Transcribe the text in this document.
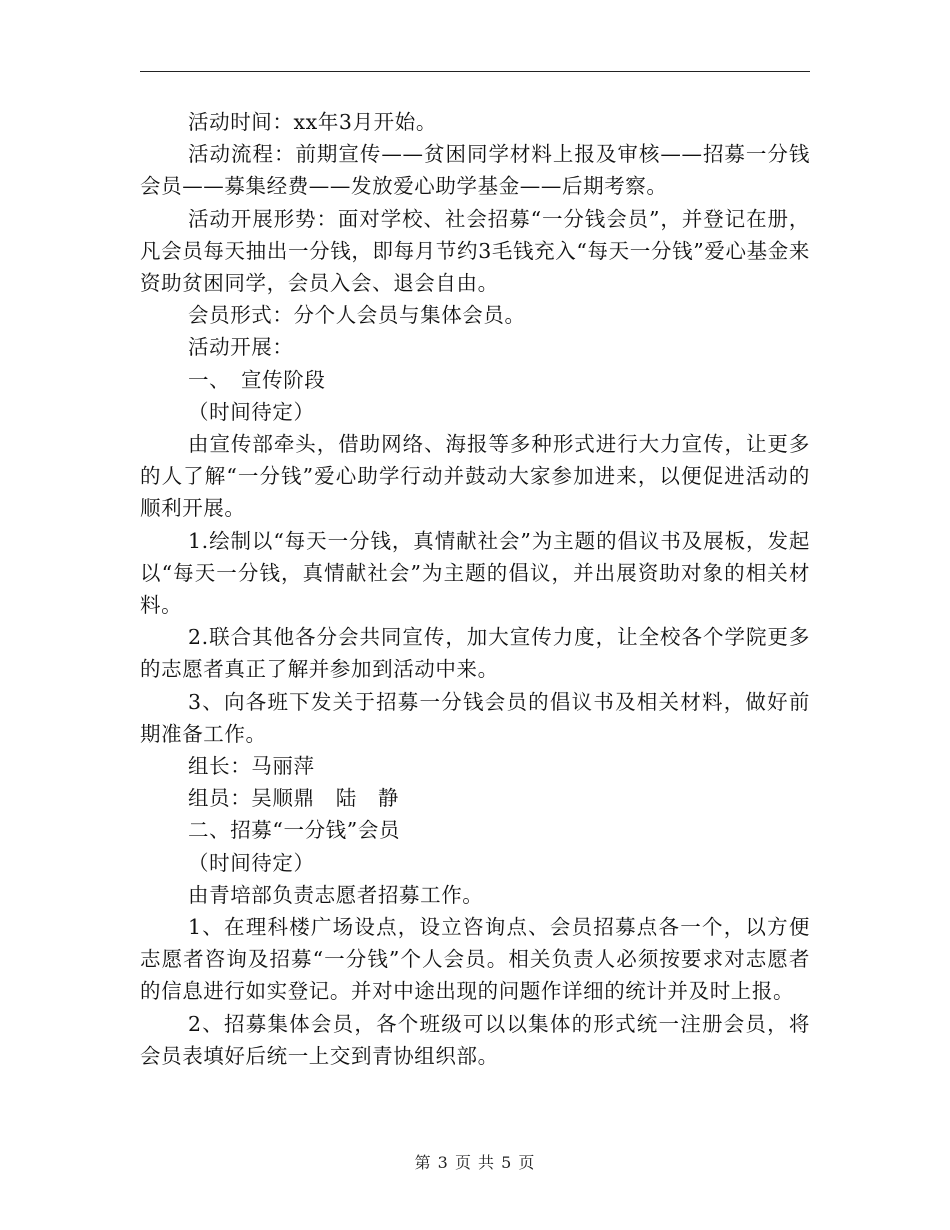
活动时间：xx年3月开始。

活动流程：前期宣传——贫困同学材料上报及审核——招募一分钱会员——募集经费——发放爱心助学基金——后期考察。

活动开展形势：面对学校、社会招募“一分钱会员”，并登记在册，凡会员每天抽出一分钱，即每月节约3毛钱充入“每天一分钱”爱心基金来资助贫困同学，会员入会、退会自由。

会员形式：分个人会员与集体会员。

活动开展：

一、　宣传阶段

（时间待定）

由宣传部牵头，借助网络、海报等多种形式进行大力宣传，让更多的人了解“一分钱”爱心助学行动并鼓动大家参加进来，以便促进活动的顺利开展。

1.绘制以“每天一分钱，真情献社会”为主题的倡议书及展板，发起以“每天一分钱，真情献社会”为主题的倡议，并出展资助对象的相关材料。

2.联合其他各分会共同宣传，加大宣传力度，让全校各个学院更多的志愿者真正了解并参加到活动中来。

3、向各班下发关于招募一分钱会员的倡议书及相关材料，做好前期准备工作。

组长：马丽萍

组员：吴顺鼎　陆　静

二、招募“一分钱”会员

（时间待定）

由青培部负责志愿者招募工作。

1、在理科楼广场设点，设立咨询点、会员招募点各一个，以方便志愿者咨询及招募“一分钱”个人会员。相关负责人必须按要求对志愿者的信息进行如实登记。并对中途出现的问题作详细的统计并及时上报。

2、招募集体会员，各个班级可以以集体的形式统一注册会员，将会员表填好后统一上交到青协组织部。

第 3 页 共 5 页
